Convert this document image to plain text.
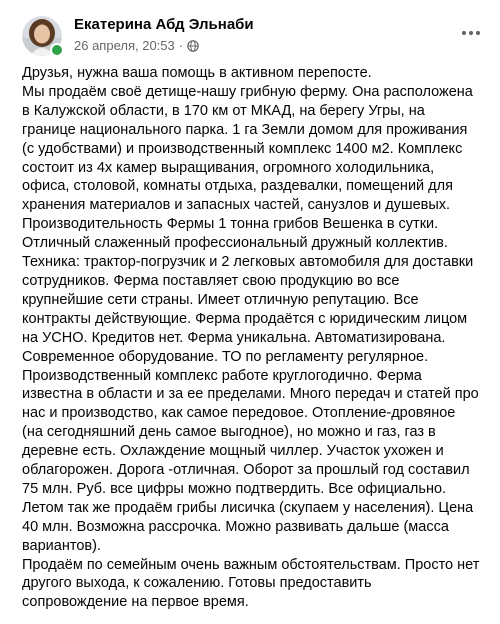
Екатерина Абд Эльнаби
26 апреля, 20:53 ·

Друзья, нужна ваша помощь в активном перепосте.

Мы продаём своё детище-нашу грибную ферму. Она расположена в Калужской области, в 170 км от МКАД, на берегу Угры, на границе национального парка. 1 га Земли домом для проживания (с удобствами) и производственный комплекс 1400 м2. Комплекс состоит из 4х камер выращивания, огромного холодильника, офиса, столовой, комнаты отдыха, раздевалки, помещений для хранения материалов и запасных частей, санузлов и душевых. Производительность Фермы 1 тонна грибов Вешенка в сутки. Отличный слаженный профессиональный дружный коллектив. Техника: трактор-погрузчик и 2 легковых автомобиля для доставки сотрудников. Ферма поставляет свою продукцию во все крупнейшие сети страны. Имеет отличную репутацию. Все контракты действующие. Ферма продаётся с юридическим лицом на УСНО. Кредитов нет. Ферма уникальна. Автоматизирована. Современное оборудование. ТО по регламенту регулярное. Производственный комплекс работе круглогодично. Ферма известна в области и за ее пределами. Много передач и статей про нас и производство, как самое передовое. Отопление-дровяное (на сегодняшний день самое выгодное), но можно и газ, газ в деревне есть. Охлаждение мощный чиллер. Участок ухожен и облагорожен. Дорога -отличная. Оборот за прошлый год составил 75 млн. Руб. все цифры можно подтвердить. Все официально. Летом так же продаём грибы лисичка (скупаем у населения). Цена 40 млн. Возможна рассрочка. Можно развивать дальше (масса вариантов).

Продаём по семейным очень важным обстоятельствам. Просто нет другого выхода, к сожалению. Готовы предоставить сопровождение на первое время.
